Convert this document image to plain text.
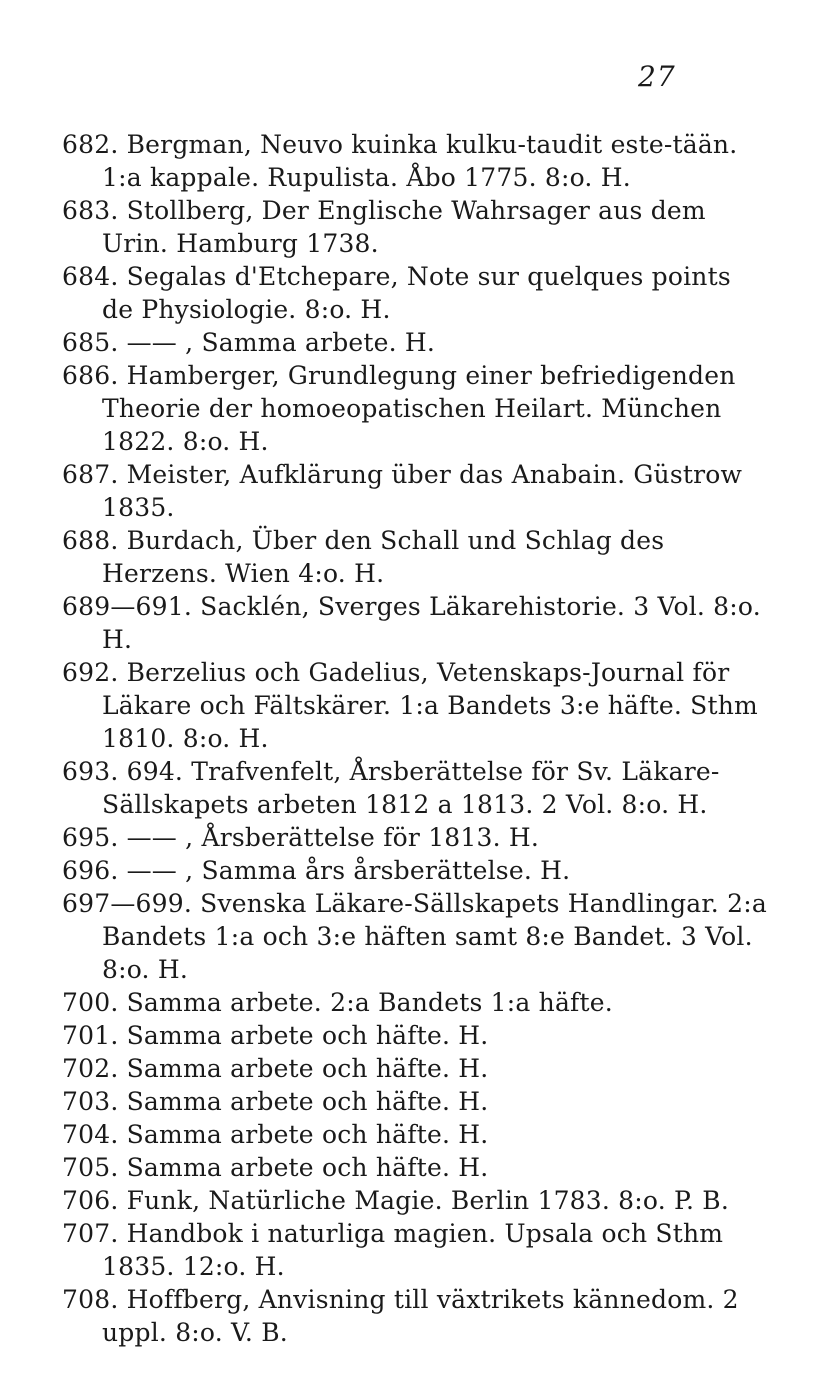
27

682. Bergman, Neuvo kuinka kulku-taudit este-tään. 1:a kappale. Rupulista. Åbo 1775. 8:o. H.

683. Stollberg, Der Englische Wahrsager aus dem Urin. Hamburg 1738.

684. Segalas d'Etchepare, Note sur quelques points de Physiologie. 8:o. H.

685. —— , Samma arbete. H.

686. Hamberger, Grundlegung einer befriedigenden Theorie der homoeopatischen Heilart. München 1822. 8:o. H.

687. Meister, Aufklärung über das Anabain. Güstrow 1835.

688. Burdach, Über den Schall und Schlag des Herzens. Wien 4:o. H.

689—691. Sacklén, Sverges Läkarehistorie. 3 Vol. 8:o. H.

692. Berzelius och Gadelius, Vetenskaps-Journal för Läkare och Fältskärer. 1:a Bandets 3:e häfte. Sthm 1810. 8:o. H.

693. 694. Trafvenfelt, Årsberättelse för Sv. Läkare-Sällskapets arbeten 1812 a 1813. 2 Vol. 8:o. H.

695. —— , Årsberättelse för 1813. H.

696. —— , Samma års årsberättelse. H.

697—699. Svenska Läkare-Sällskapets Handlingar. 2:a Bandets 1:a och 3:e häften samt 8:e Bandet. 3 Vol. 8:o. H.

700. Samma arbete. 2:a Bandets 1:a häfte.

701. Samma arbete och häfte. H.

702. Samma arbete och häfte. H.

703. Samma arbete och häfte. H.

704. Samma arbete och häfte. H.

705. Samma arbete och häfte. H.

706. Funk, Natürliche Magie. Berlin 1783. 8:o. P. B.

707. Handbok i naturliga magien. Upsala och Sthm 1835. 12:o. H.

708. Hoffberg, Anvisning till växtrikets kännedom. 2 uppl. 8:o. V. B.
